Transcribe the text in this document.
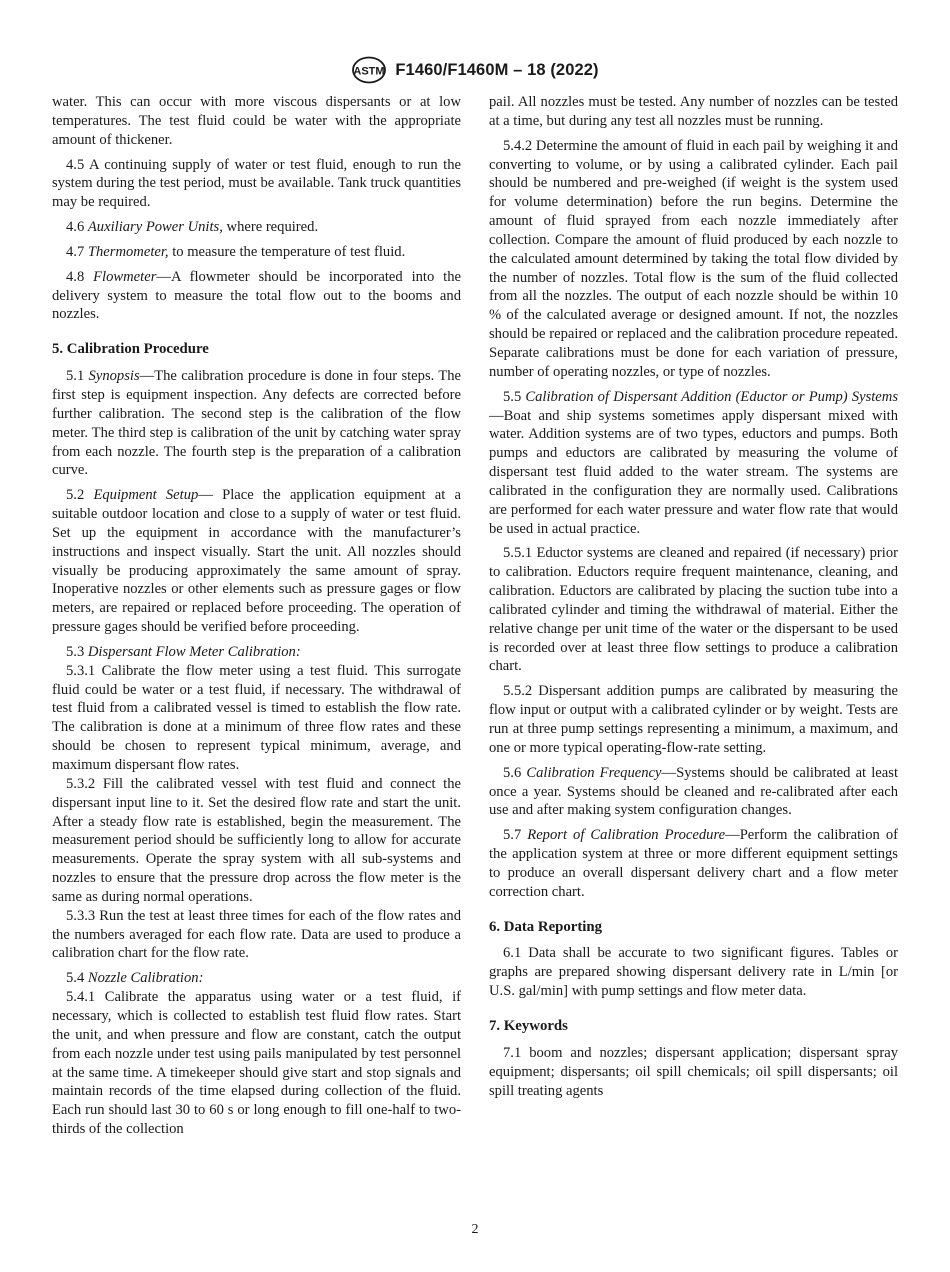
ASTM F1460/F1460M – 18 (2022)

water. This can occur with more viscous dispersants or at low temperatures. The test fluid could be water with the appropriate amount of thickener.

4.5 A continuing supply of water or test fluid, enough to run the system during the test period, must be available. Tank truck quantities may be required.

4.6 Auxiliary Power Units, where required.

4.7 Thermometer, to measure the temperature of test fluid.

4.8 Flowmeter—A flowmeter should be incorporated into the delivery system to measure the total flow out to the booms and nozzles.

5. Calibration Procedure

5.1 Synopsis—The calibration procedure is done in four steps. The first step is equipment inspection. Any defects are corrected before further calibration. The second step is the calibration of the flow meter. The third step is calibration of the unit by catching water spray from each nozzle. The fourth step is the preparation of a calibration curve.

5.2 Equipment Setup— Place the application equipment at a suitable outdoor location and close to a supply of water or test fluid. Set up the equipment in accordance with the manufacturer’s instructions and inspect visually. Start the unit. All nozzles should visually be producing approximately the same amount of spray. Inoperative nozzles or other elements such as pressure gages or flow meters, are repaired or replaced before proceeding. The operation of pressure gages should be verified before proceeding.

5.3 Dispersant Flow Meter Calibration:

5.3.1 Calibrate the flow meter using a test fluid. This surrogate fluid could be water or a test fluid, if necessary. The withdrawal of test fluid from a calibrated vessel is timed to establish the flow rate. The calibration is done at a minimum of three flow rates and these should be chosen to represent typical minimum, average, and maximum dispersant flow rates.

5.3.2 Fill the calibrated vessel with test fluid and connect the dispersant input line to it. Set the desired flow rate and start the unit. After a steady flow rate is established, begin the measurement. The measurement period should be sufficiently long to allow for accurate measurements. Operate the spray system with all sub-systems and nozzles to ensure that the pressure drop across the flow meter is the same as during normal operations.

5.3.3 Run the test at least three times for each of the flow rates and the numbers averaged for each flow rate. Data are used to produce a calibration chart for the flow rate.

5.4 Nozzle Calibration:

5.4.1 Calibrate the apparatus using water or a test fluid, if necessary, which is collected to establish test fluid flow rates. Start the unit, and when pressure and flow are constant, catch the output from each nozzle under test using pails manipulated by test personnel at the same time. A timekeeper should give start and stop signals and maintain records of the time elapsed during collection of the fluid. Each run should last 30 to 60 s or long enough to fill one-half to two-thirds of the collection

pail. All nozzles must be tested. Any number of nozzles can be tested at a time, but during any test all nozzles must be running.

5.4.2 Determine the amount of fluid in each pail by weighing it and converting to volume, or by using a calibrated cylinder. Each pail should be numbered and pre-weighed (if weight is the system used for volume determination) before the run begins. Determine the amount of fluid sprayed from each nozzle immediately after collection. Compare the amount of fluid produced by each nozzle to the calculated amount determined by taking the total flow divided by the number of nozzles. Total flow is the sum of the fluid collected from all the nozzles. The output of each nozzle should be within 10 % of the calculated average or designed amount. If not, the nozzles should be repaired or replaced and the calibration procedure repeated. Separate calibrations must be done for each variation of pressure, number of operating nozzles, or type of nozzles.

5.5 Calibration of Dispersant Addition (Eductor or Pump) Systems—Boat and ship systems sometimes apply dispersant mixed with water. Addition systems are of two types, eductors and pumps. Both pumps and eductors are calibrated by measuring the volume of dispersant test fluid added to the water stream. The systems are calibrated in the configuration they are normally used. Calibrations are performed for each water pressure and water flow rate that would be used in actual practice.

5.5.1 Eductor systems are cleaned and repaired (if necessary) prior to calibration. Eductors require frequent maintenance, cleaning, and calibration. Eductors are calibrated by placing the suction tube into a calibrated cylinder and timing the withdrawal of material. Either the relative change per unit time of the water or the dispersant to be used is recorded over at least three flow settings to produce a calibration chart.

5.5.2 Dispersant addition pumps are calibrated by measuring the flow input or output with a calibrated cylinder or by weight. Tests are run at three pump settings representing a minimum, a maximum, and one or more typical operating-flow-rate setting.

5.6 Calibration Frequency—Systems should be calibrated at least once a year. Systems should be cleaned and re-calibrated after each use and after making system configuration changes.

5.7 Report of Calibration Procedure—Perform the calibration of the application system at three or more different equipment settings to produce an overall dispersant delivery chart and a flow meter correction chart.

6. Data Reporting

6.1 Data shall be accurate to two significant figures. Tables or graphs are prepared showing dispersant delivery rate in L/min [or U.S. gal/min] with pump settings and flow meter data.

7. Keywords

7.1 boom and nozzles; dispersant application; dispersant spray equipment; dispersants; oil spill chemicals; oil spill dispersants; oil spill treating agents

2
